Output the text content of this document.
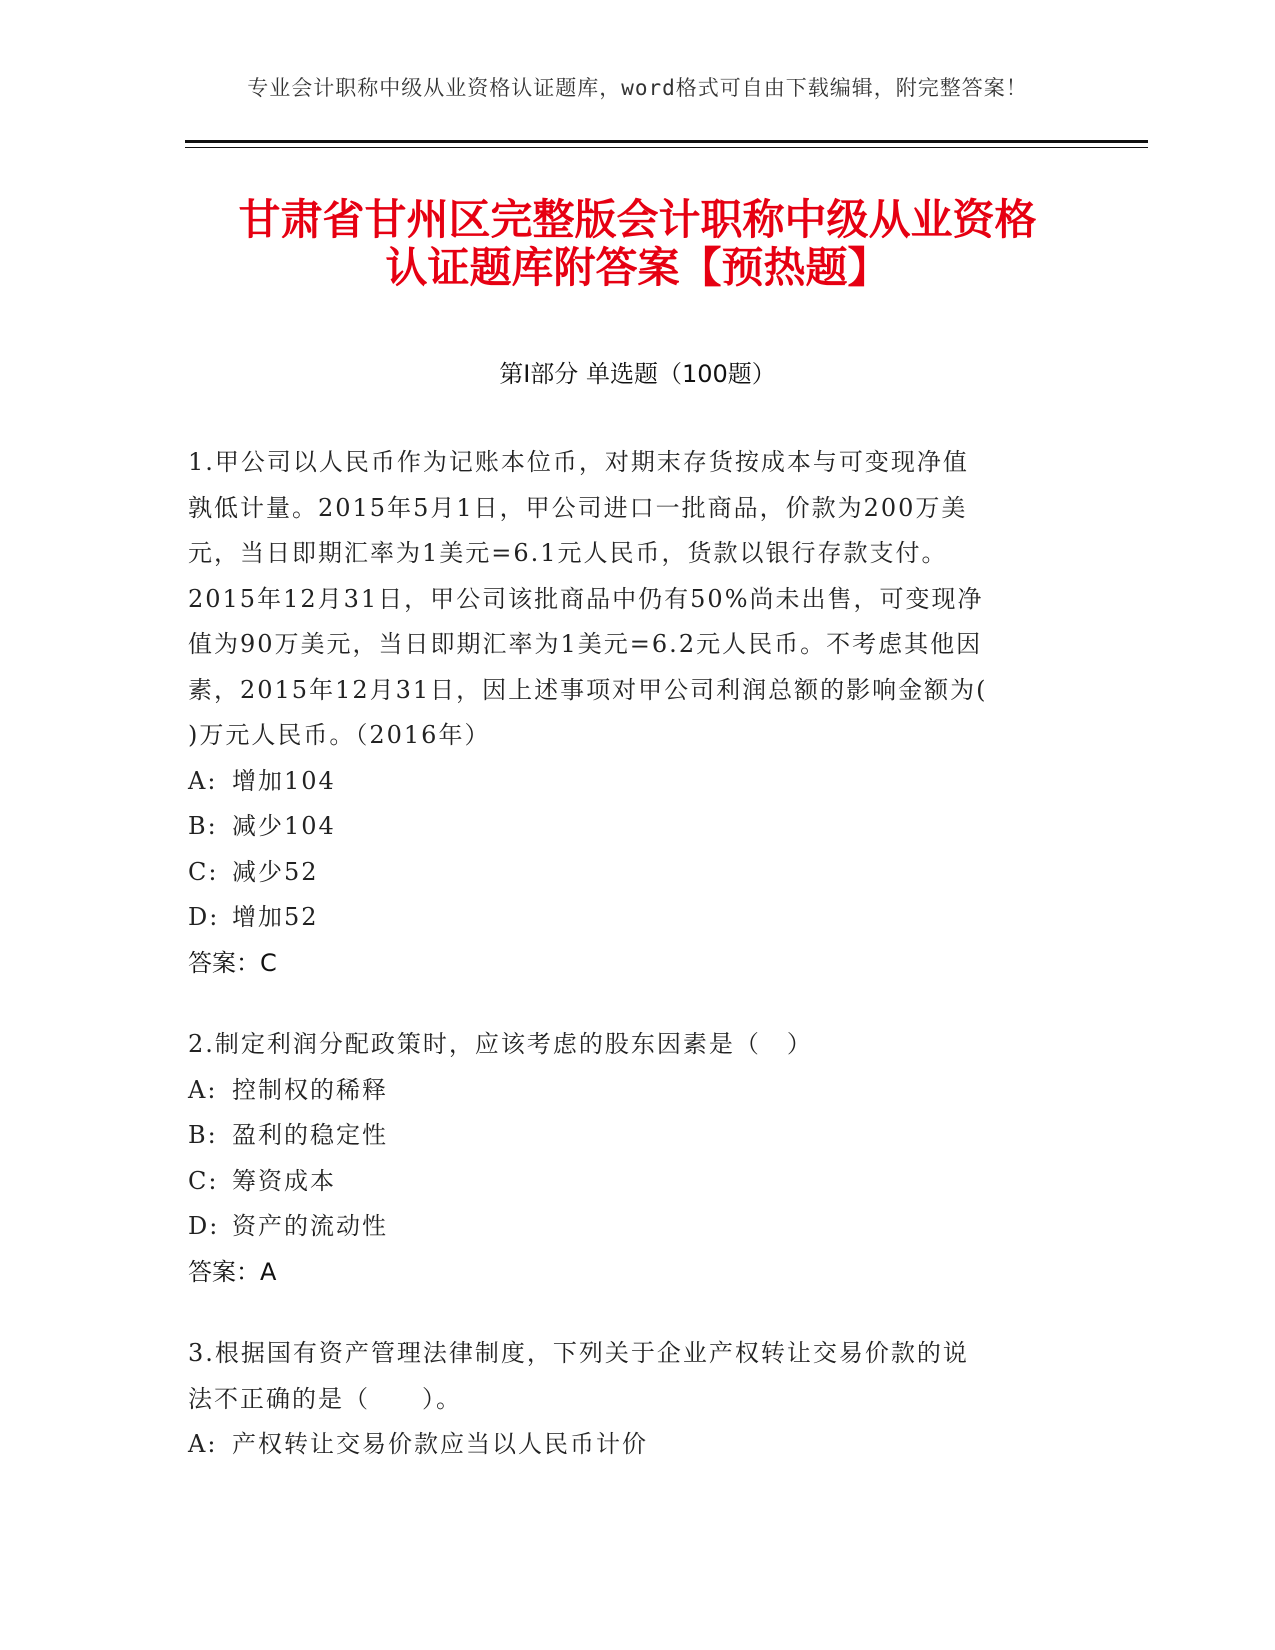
专业会计职称中级从业资格认证题库，word格式可自由下载编辑，附完整答案！
甘肃省甘州区完整版会计职称中级从业资格
认证题库附答案【预热题】
第Ⅰ部分 单选题（100题）
1.甲公司以人民币作为记账本位币，对期末存货按成本与可变现净值
孰低计量。2015年5月1日，甲公司进口一批商品，价款为200万美
元，当日即期汇率为1美元=6.1元人民币，货款以银行存款支付。
2015年12月31日，甲公司该批商品中仍有50%尚未出售，可变现净
值为90万美元，当日即期汇率为1美元=6.2元人民币。不考虑其他因
素，2015年12月31日，因上述事项对甲公司利润总额的影响金额为(
)万元人民币。（2016年）
A: 增加104
B: 减少104
C: 减少52
D: 增加52
答案：C
2.制定利润分配政策时，应该考虑的股东因素是（　）
A: 控制权的稀释
B: 盈利的稳定性
C: 筹资成本
D: 资产的流动性
答案：A
3.根据国有资产管理法律制度，下列关于企业产权转让交易价款的说
法不正确的是（　　）。
A: 产权转让交易价款应当以人民币计价
